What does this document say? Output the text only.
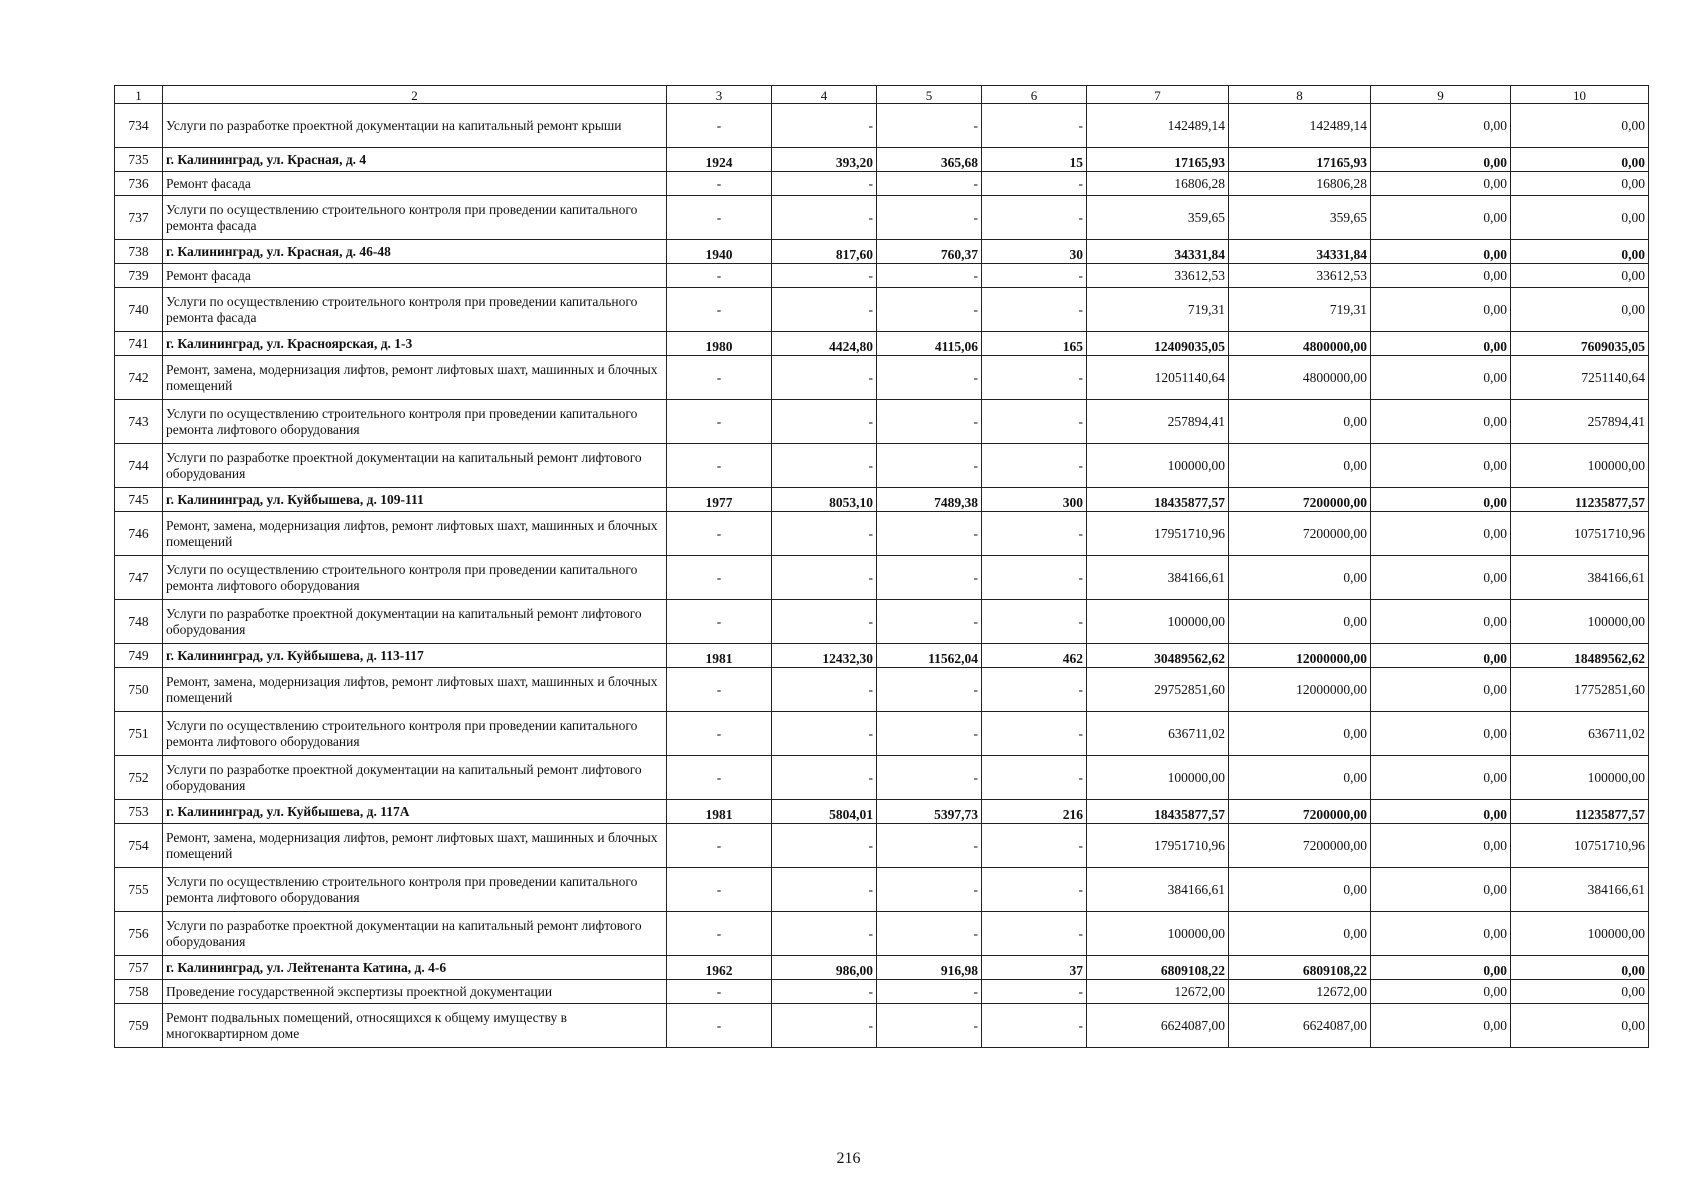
1	2	3	4	5	6	7	8	9	10
734	Услуги по разработке проектной документации на капитальный ремонт крыши	-	-	-	-	142489,14	142489,14	0,00	0,00
735	г. Калининград, ул. Красная, д. 4	1924	393,20	365,68	15	17165,93	17165,93	0,00	0,00
736	Ремонт фасада	-	-	-	-	16806,28	16806,28	0,00	0,00
737	Услуги по осуществлению строительного контроля при проведении капитального ремонта фасада	-	-	-	-	359,65	359,65	0,00	0,00
738	г. Калининград, ул. Красная, д. 46-48	1940	817,60	760,37	30	34331,84	34331,84	0,00	0,00
739	Ремонт фасада	-	-	-	-	33612,53	33612,53	0,00	0,00
740	Услуги по осуществлению строительного контроля при проведении капитального ремонта фасада	-	-	-	-	719,31	719,31	0,00	0,00
741	г. Калининград, ул. Красноярская, д. 1-3	1980	4424,80	4115,06	165	12409035,05	4800000,00	0,00	7609035,05
742	Ремонт, замена, модернизация лифтов, ремонт лифтовых шахт, машинных и блочных помещений	-	-	-	-	12051140,64	4800000,00	0,00	7251140,64
743	Услуги по осуществлению строительного контроля при проведении капитального ремонта лифтового оборудования	-	-	-	-	257894,41	0,00	0,00	257894,41
744	Услуги по разработке проектной документации на капитальный ремонт лифтового оборудования	-	-	-	-	100000,00	0,00	0,00	100000,00
745	г. Калининград, ул. Куйбышева, д. 109-111	1977	8053,10	7489,38	300	18435877,57	7200000,00	0,00	11235877,57
746	Ремонт, замена, модернизация лифтов, ремонт лифтовых шахт, машинных и блочных помещений	-	-	-	-	17951710,96	7200000,00	0,00	10751710,96
747	Услуги по осуществлению строительного контроля при проведении капитального ремонта лифтового оборудования	-	-	-	-	384166,61	0,00	0,00	384166,61
748	Услуги по разработке проектной документации на капитальный ремонт лифтового оборудования	-	-	-	-	100000,00	0,00	0,00	100000,00
749	г. Калининград, ул. Куйбышева, д. 113-117	1981	12432,30	11562,04	462	30489562,62	12000000,00	0,00	18489562,62
750	Ремонт, замена, модернизация лифтов, ремонт лифтовых шахт, машинных и блочных помещений	-	-	-	-	29752851,60	12000000,00	0,00	17752851,60
751	Услуги по осуществлению строительного контроля при проведении капитального ремонта лифтового оборудования	-	-	-	-	636711,02	0,00	0,00	636711,02
752	Услуги по разработке проектной документации на капитальный ремонт лифтового оборудования	-	-	-	-	100000,00	0,00	0,00	100000,00
753	г. Калининград, ул. Куйбышева, д. 117А	1981	5804,01	5397,73	216	18435877,57	7200000,00	0,00	11235877,57
754	Ремонт, замена, модернизация лифтов, ремонт лифтовых шахт, машинных и блочных помещений	-	-	-	-	17951710,96	7200000,00	0,00	10751710,96
755	Услуги по осуществлению строительного контроля при проведении капитального ремонта лифтового оборудования	-	-	-	-	384166,61	0,00	0,00	384166,61
756	Услуги по разработке проектной документации на капитальный ремонт лифтового оборудования	-	-	-	-	100000,00	0,00	0,00	100000,00
757	г. Калининград, ул. Лейтенанта Катина, д. 4-6	1962	986,00	916,98	37	6809108,22	6809108,22	0,00	0,00
758	Проведение государственной экспертизы проектной документации	-	-	-	-	12672,00	12672,00	0,00	0,00
759	Ремонт подвальных помещений, относящихся к общему имуществу в многоквартирном доме	-	-	-	-	6624087,00	6624087,00	0,00	0,00
216
